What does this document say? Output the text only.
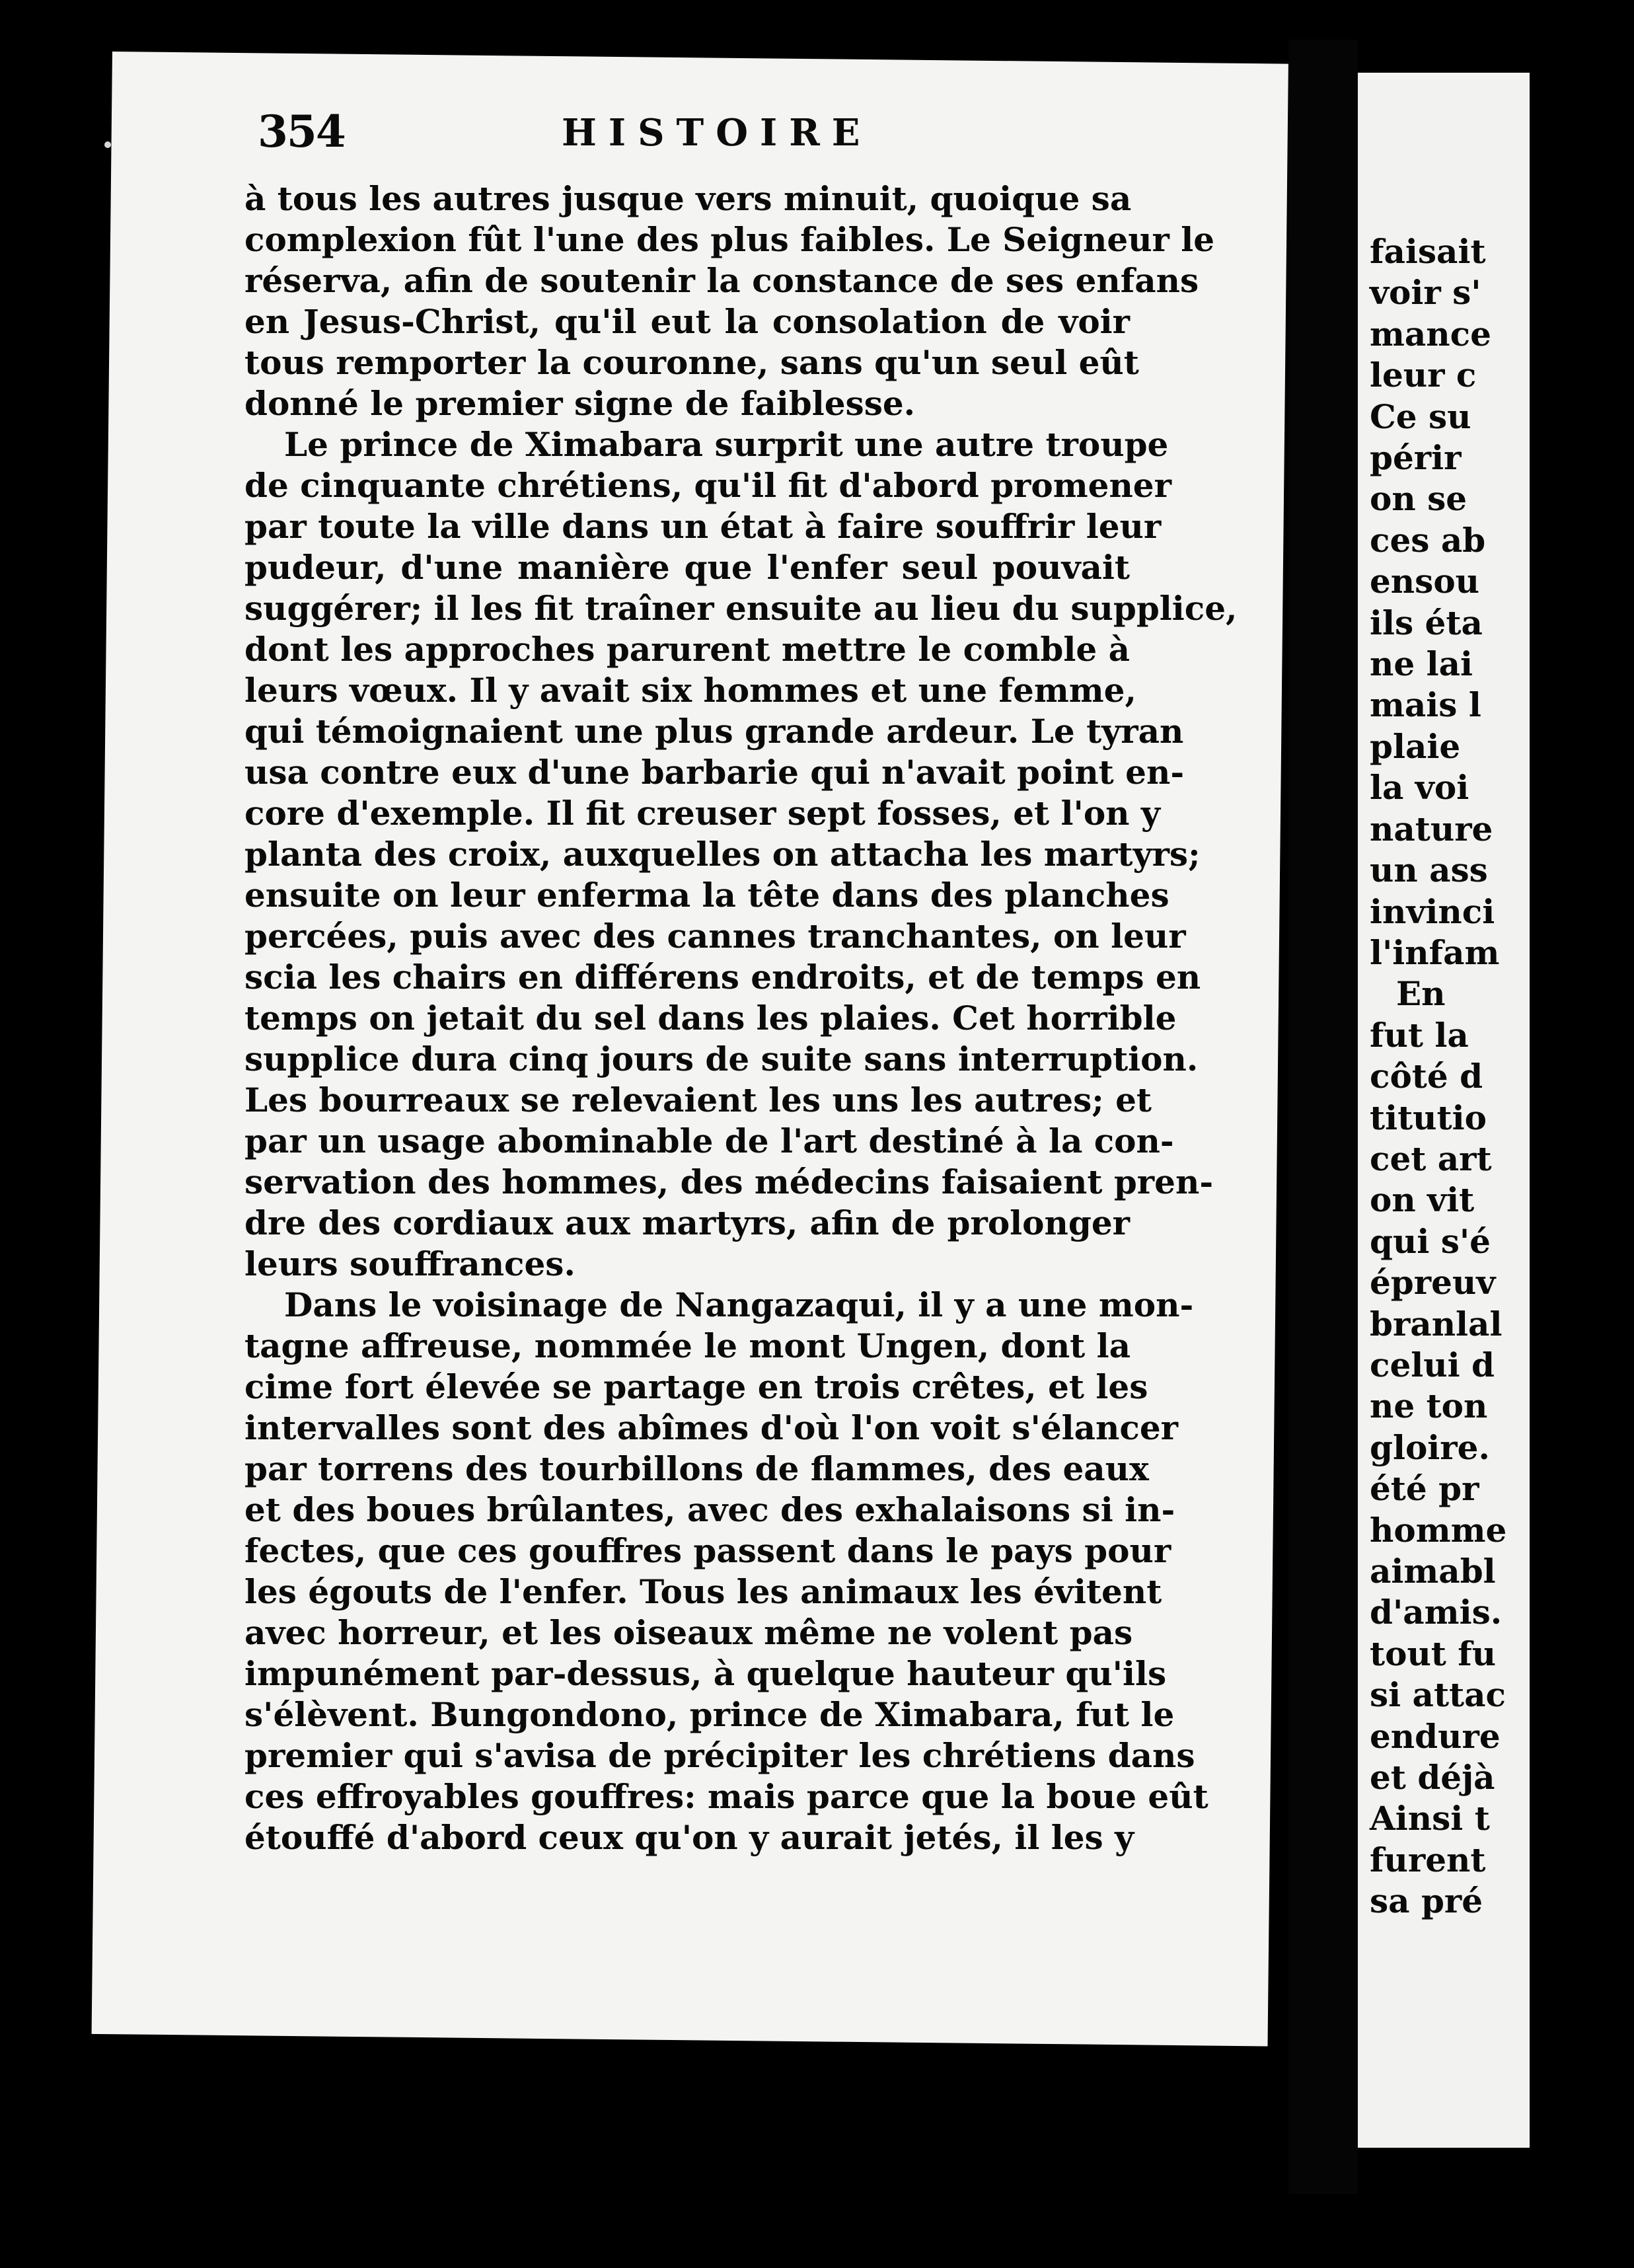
354	HISTOIRE
à tous les autres jusque vers minuit, quoique sa
complexion fût l'une des plus faibles. Le Seigneur le
réserva, afin de soutenir la constance de ses enfans
en Jesus-Christ, qu'il eut la consolation de voir
tous remporter la couronne, sans qu'un seul eût
donné le premier signe de faiblesse.
Le prince de Ximabara surprit une autre troupe
de cinquante chrétiens, qu'il fit d'abord promener
par toute la ville dans un état à faire souffrir leur
pudeur, d'une manière que l'enfer seul pouvait
suggérer; il les fit traîner ensuite au lieu du supplice,
dont les approches parurent mettre le comble à
leurs vœux. Il y avait six hommes et une femme,
qui témoignaient une plus grande ardeur. Le tyran
usa contre eux d'une barbarie qui n'avait point en-
core d'exemple. Il fit creuser sept fosses, et l'on y
planta des croix, auxquelles on attacha les martyrs;
ensuite on leur enferma la tête dans des planches
percées, puis avec des cannes tranchantes, on leur
scia les chairs en différens endroits, et de temps en
temps on jetait du sel dans les plaies. Cet horrible
supplice dura cinq jours de suite sans interruption.
Les bourreaux se relevaient les uns les autres; et
par un usage abominable de l'art destiné à la con-
servation des hommes, des médecins faisaient pren-
dre des cordiaux aux martyrs, afin de prolonger
leurs souffrances.
Dans le voisinage de Nangazaqui, il y a une mon-
tagne affreuse, nommée le mont Ungen, dont la
cime fort élevée se partage en trois crêtes, et les
intervalles sont des abîmes d'où l'on voit s'élancer
par torrens des tourbillons de flammes, des eaux
et des boues brûlantes, avec des exhalaisons si in-
fectes, que ces gouffres passent dans le pays pour
les égouts de l'enfer. Tous les animaux les évitent
avec horreur, et les oiseaux même ne volent pas
impunément par-dessus, à quelque hauteur qu'ils
s'élèvent. Bungondono, prince de Ximabara, fut le
premier qui s'avisa de précipiter les chrétiens dans
ces effroyables gouffres: mais parce que la boue eût
étouffé d'abord ceux qu'on y aurait jetés, il les y
faisait
voir s'
mance
leur c
Ce su
périr
on se
ces ab
ensou
ils éta
ne lai
mais l
plaie
la voi
nature
un ass
invinci
l'infam
En
fut la
côté d
titutio
cet art
on vit
qui s'é
épreuv
branlal
celui d
ne ton
gloire.
été pr
homme
aimabl
d'amis.
tout fu
si attac
endure
et déjà
Ainsi t
furent
sa pré
